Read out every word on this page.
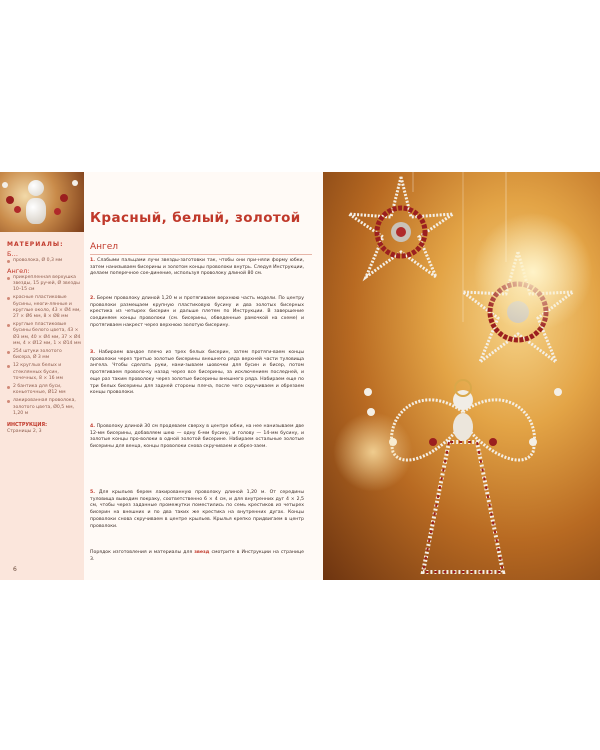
МАТЕРИАЛЫ:
Б…
проволока, Ø 0,3 мм
Ангел:
прикрепленная верхушка звезды, 15 ручей, Ø звезды 10–15 см
красные пластиковые бусины, неоги-лянные и круглые около, 43 × Ø4 мм, 27 × Ø6 мм, 8 × Ø8 мм
круглые пластиковые бусины белого цвета, 43 × Ø3 мм, 40 × Ø4 мм, 37 × Ø4 мм, 4 × Ø12 мм, 1 × Ø14 мм
254 штуки золотого бисера, Ø 3 мм
12 круглых белых и стеклянных бусин, точечных, 8 × 16 мм
2 бантика для буси, коньеточные, Ø12 мм
лакированная проволока, золотого цвета, Ø0,5 мм, 1,20 м
ИНСТРУКЦИЯ:
Страницы 2, 3
6
Красный, белый, золотой
Ангел
1. Слабыми пальцами лучи звезды-заготовки так, чтобы они при-няли форму юбки, затем нанизываем бисерины и золотом концы проволоки внутрь. Следуя Инструкции, делаем поперечное сое-динение, используя проволоку длиной 80 см.
2. Берем проволоку длиной 1,20 м и протягиваем верхнюю часть модели. По центру проволоки размещаем крупную пластиковую бусину и два золотых бисерных крестика из четырех бисерин и дальше плетем по Инструкции. В завершение соединяем концы проволоки (см. бисерины, обведенные рамочкой на схеме) и протягиваем накрест через верхнюю золотую бисерину.
3. Набираем вандое плечо из трех белых бисерин, затем протяги-ваем концы проволоки через третью золотые бисерины внешнего ряда верхней части туловища ангела. Чтобы сделать руки, нани-зываем шовочки для бусин и бисер, потом протягиваем проволо-ку назад через все бисерины, за исключением последней, и еще раз таким проволоку через золотые бисерины внешнего ряда. Набираем еще по три белых бисерины для задней стороны плеча, после чего скручиваем и обрезаем концы проволоки.
4. Проволоку длиной 30 см продеваем сверху в центре юбки, на нее нанизываем две 12-мм бисерины, добавляем шею — одну 6-мм бусину, и голову — 14-мм бусину, и золотые концы про-волоки в одной золотой бисерине. Набираем остальные золотые бисерины для венца, концы проволоки снова скручиваем и обрез-заем.
5. Для крыльев берем лакированную проволоку длиной 1,20 м. От середины туловища выводим покраку, соответственно 6 × 4 см, и для внутренних дуг 4 × 2,5 см, чтобы через заданные промежутки поместились по семь крестиков из четырех бисерин на внешних и по два таких же крестика на внутренних дугах. Концы проволоки снова скручиваем в центре крыльев. Крылья крепко придвигаем в центр проволоки.
Порядок изготовления и материалы для звезд смотрите в Инструкции на странице 3.
